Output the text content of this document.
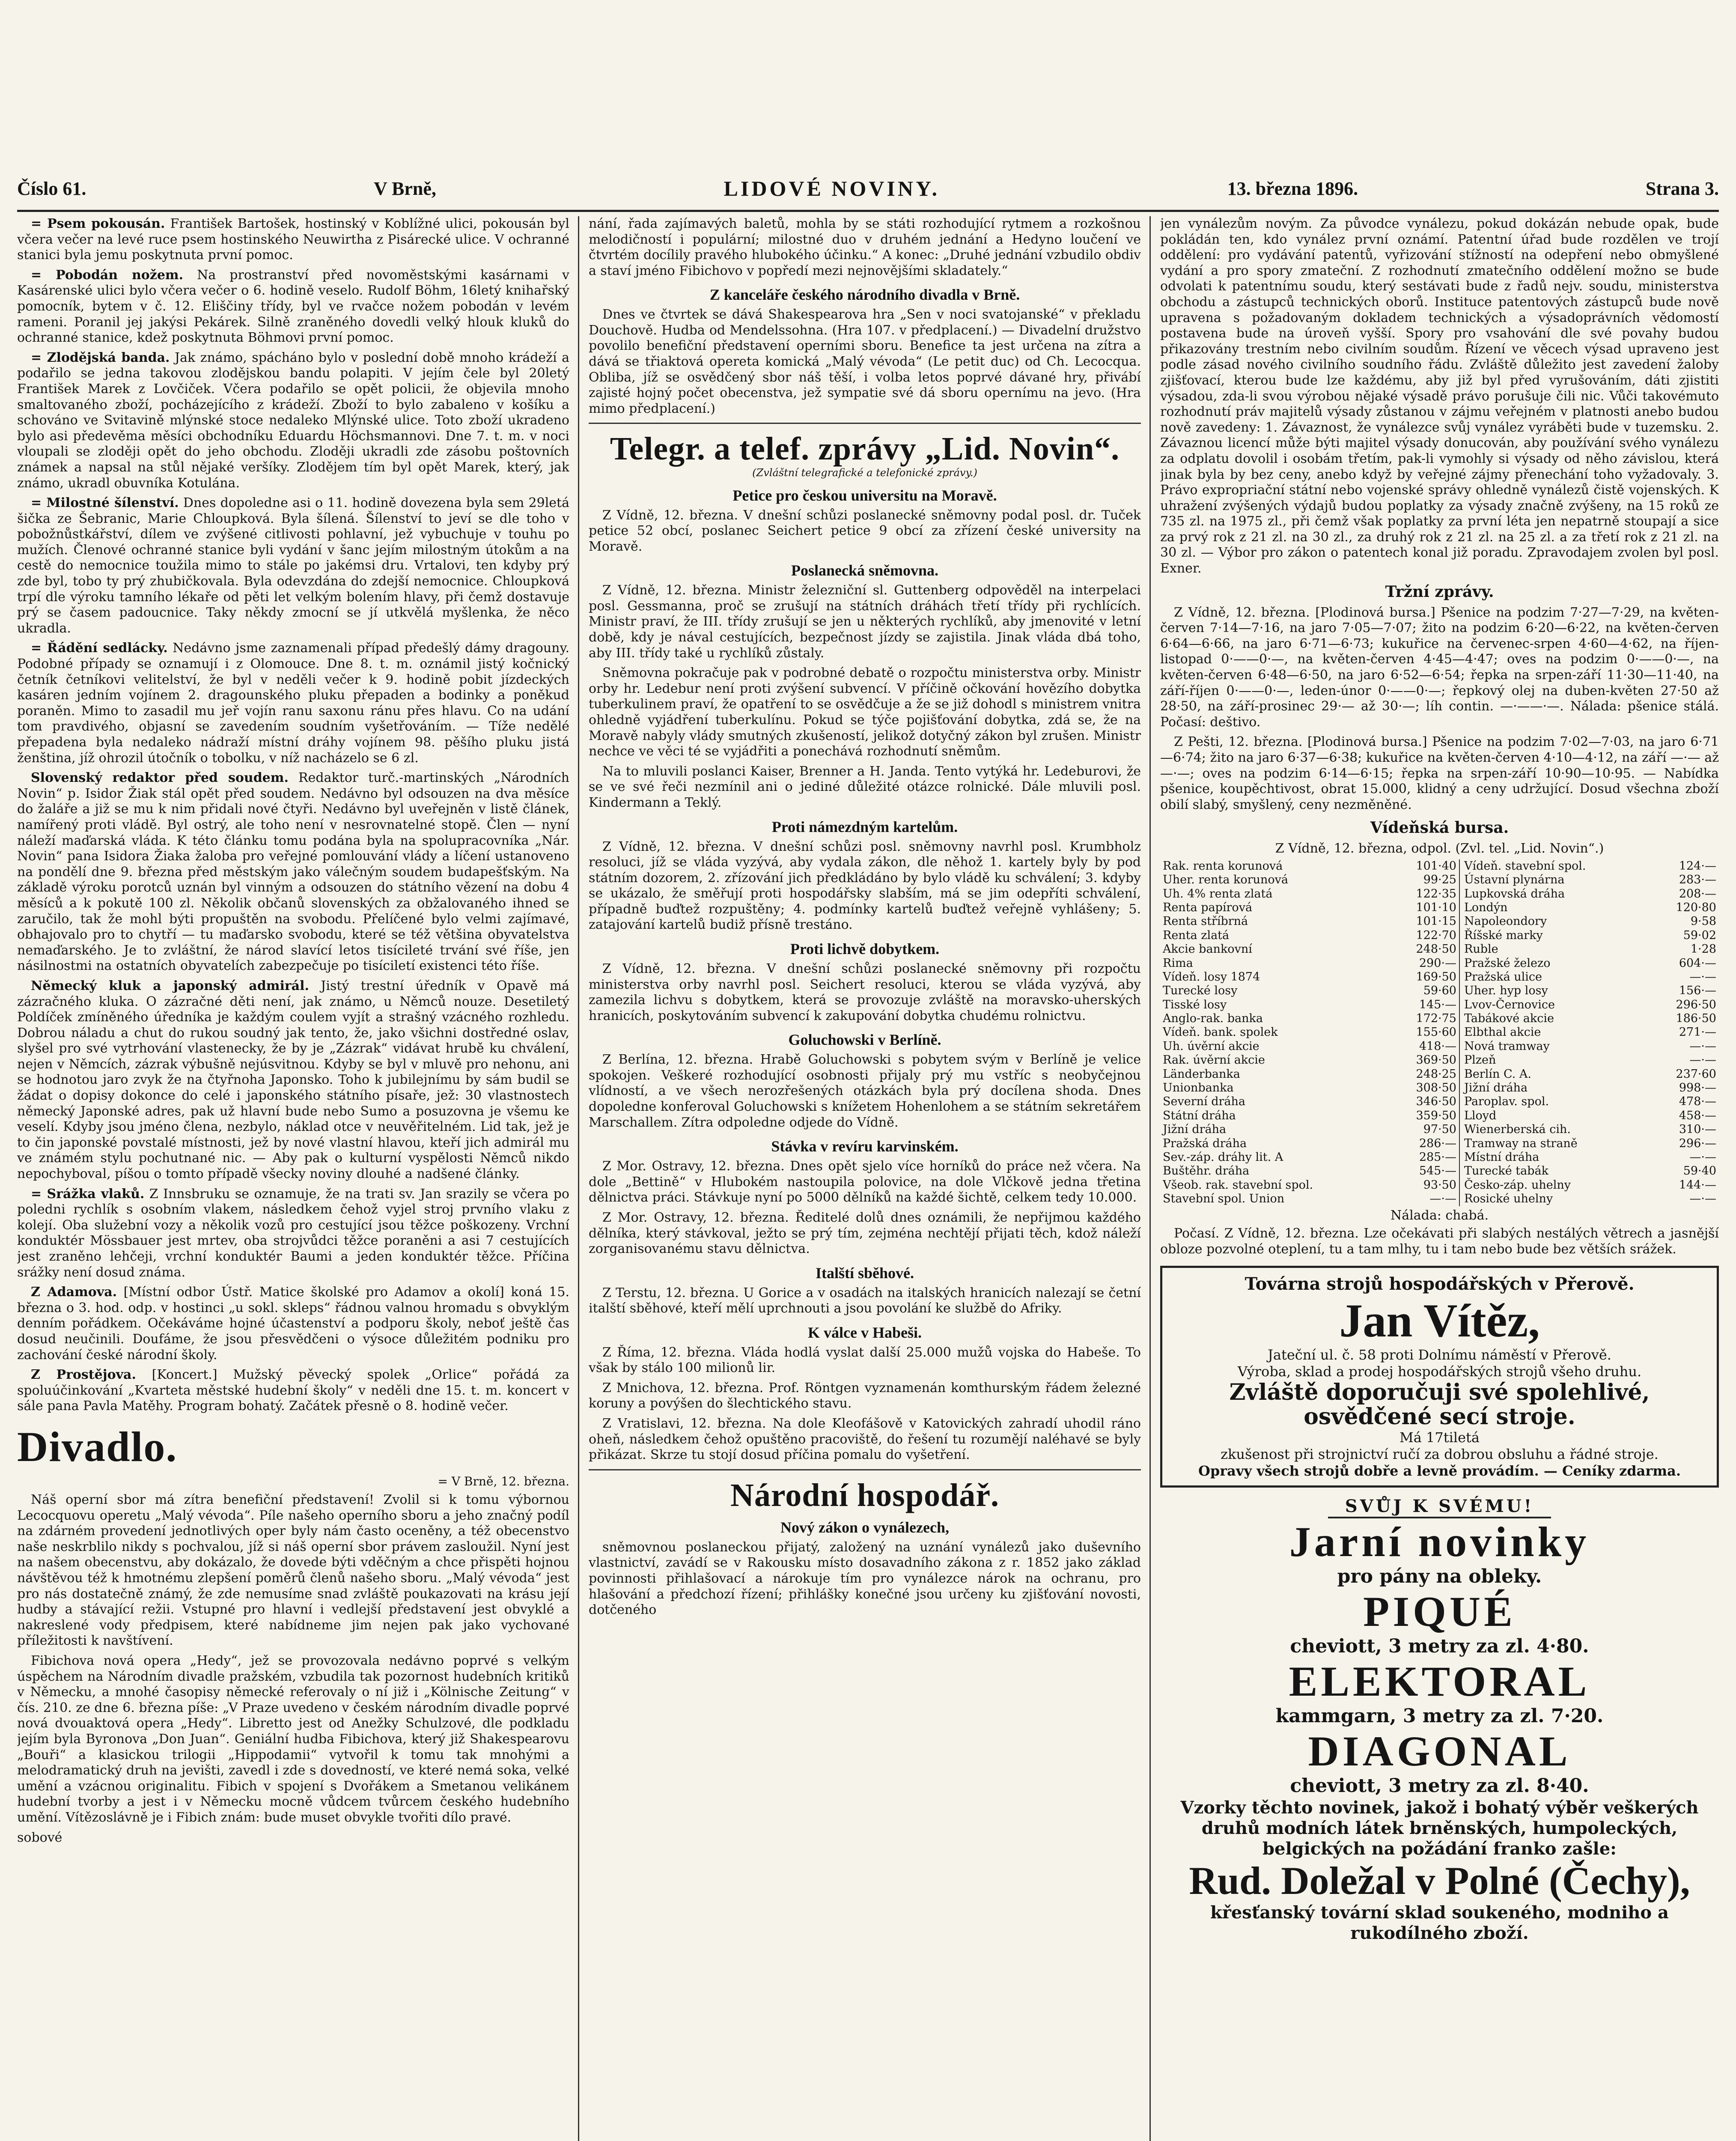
Číslo 61.	V Brně,	LIDOVÉ NOVINY.	13. března 1896.	Strana 3.

= Psem pokousán. František Bartošek, hostinský v Koblížné ulici, pokousán byl včera večer na levé ruce psem hostinského Neuwirtha z Pisárecké ulice. V ochranné stanici byla jemu poskytnuta první pomoc.

= Pobodán nožem. Na prostranství před novoměstskými kasárnami v Kasárenské ulici bylo včera večer o 6. hodině veselo. Rudolf Böhm, 16letý knihařský pomocník, bytem v č. 12. Eliščiny třídy, byl ve rvačce nožem pobodán v levém rameni. Poranil jej jakýsi Pekárek. Silně zraněného dovedli velký hlouk kluků do ochranné stanice, kdež poskytnuta Böhmovi první pomoc.

= Zlodějská banda. Jak známo, spácháno bylo v poslední době mnoho krádeží a podařilo se jedna takovou zlodějskou bandu polapiti. V jejím čele byl 20letý František Marek z Lovčiček. Včera podařilo se opět policii, že objevila mnoho smaltovaného zboží, pocházejícího z krádeží. Zboží to bylo zabaleno v košíku a schováno ve Svitavině mlýnské stoce nedaleko Mlýnské ulice. Toto zboží ukradeno bylo asi předevěma měsíci obchodníku Eduardu Höchsmannovi. Dne 7. t. m. v noci vloupali se zloději opět do jeho obchodu. Zloději ukradli zde zásobu poštovních známek a napsal na stůl nějaké veršíky. Zlodějem tím byl opět Marek, který, jak známo, ukradl obuvníka Kotulána.

= Milostné šílenství. Dnes dopoledne asi o 11. hodině dovezena byla sem 29letá šička ze Šebranic, Marie Chloupková. Byla šílená. Šílenství to jeví se dle toho v pobožnůstkářství, dílem ve zvýšené citlivosti pohlavní, jež vybuchuje v touhu po mužích. Členové ochranné stanice byli vydání v šanc jejím milostným útokům a na cestě do nemocnice toužila mimo to stále po jakémsi dru. Vrtalovi, ten kdyby prý zde byl, tobo ty prý zhubičkovala. Byla odevzdána do zdejší nemocnice. Chloupková trpí dle výroku tamního lékaře od pěti let velkým bolením hlavy, při čemž dostavuje prý se časem padoucnice. Taky někdy zmocní se jí utkvělá myšlenka, že něco ukradla.

= Řádění sedlácky. Nedávno jsme zaznamenali případ předešlý dámy dragouny. Podobné případy se oznamují i z Olomouce. Dne 8. t. m. oznámil jistý kočnický četník četníkovi velitelství, že byl v neděli večer k 9. hodině pobit jízdeckých kasáren jedním vojínem 2. dragounského pluku přepaden a bodinky a poněkud poraněn. Mimo to zasadil mu jeř vojín ranu saxonu ránu přes hlavu. Co na udání tom pravdivého, objasní se zavedením soudním vyšetřováním. — Tíže nedělé přepadena byla nedaleko nádraží místní dráhy vojínem 98. pěšího pluku jistá ženština, jíž ohrozil útočník o tobolku, v níž nacházelo se 6 zl.

Slovenský redaktor před soudem. Redaktor turč.-martinských „Národních Novin“ p. Isidor Žiak stál opět před soudem. Nedávno byl odsouzen na dva měsíce do žaláře a již se mu k nim přidali nové čtyři. Nedávno byl uveřejněn v listě článek, namířený proti vládě. Byl ostrý, ale toho není v nesrovnatelné stopě. Člen — nyní náleží maďarská vláda. K této článku tomu podána byla na spolupracovníka „Nár. Novin“ pana Isidora Žiaka žaloba pro veřejné pomlouvání vlády a líčení ustanoveno na pondělí dne 9. března před městským jako válečným soudem budapešťským. Na základě výroku porotců uznán byl vinným a odsouzen do státního vězení na dobu 4 měsíců a k pokutě 100 zl. Několik občanů slovenských za obžalovaného ihned se zaručilo, tak že mohl býti propuštěn na svobodu. Přelíčené bylo velmi zajímavé, obhajovalo pro to chytří — tu maďarsko svobodu, které se též většina obyvatelstva nemaďarského. Je to zvláštní, že národ slavící letos tisícileté trvání své říše, jen násilnostmi na ostatních obyvatelích zabezpečuje po tisíciletí existenci této říše.

Německý kluk a japonský admirál. Jistý trestní úředník v Opavě má zázračného kluka. O zázračné děti není, jak známo, u Němců nouze. Desetiletý Poldíček zmíněného úředníka je každým coulem vyjít a strašný vzácného rozhledu. Dobrou náladu a chut do rukou soudný jak tento, že, jako všichni dostředné oslav, slyšel pro své vytrhování vlastenecky, že by je „Zázrak“ vidávat hrubě ku chválení, nejen v Němcích, zázrak výbušně nejúsvitnou. Kdyby se byl v mluvě pro nehonu, ani se hodnotou jaro zvyk že na čtyřnoha Japonsko. Toho k jubilejnímu by sám budil se žádat o dopisy dokonce do celé i japonského státního písaře, jež: 30 vlastnostech německý Japonské adres, pak už hlavní bude nebo Sumo a posuzovna je všemu ke veselí. Kdyby jsou jméno člena, nezbylo, náklad otce v neuvěřitelném. Lid tak, jež je to čin japonské povstalé místnosti, jež by nové vlastní hlavou, kteří jich admirál mu ve známém stylu pochutnané nic. — Aby pak o kulturní vyspělosti Němců nikdo nepochyboval, píšou o tomto případě všecky noviny dlouhé a nadšené články.

= Srážka vlaků. Z Innsbruku se oznamuje, že na trati sv. Jan srazily se včera po poledni rychlík s osobním vlakem, následkem čehož vyjel stroj prvního vlaku z kolejí. Oba služební vozy a několik vozů pro cestující jsou těžce poškozeny. Vrchní konduktér Mössbauer jest mrtev, oba strojvůdci těžce poraněni a asi 7 cestujících jest zraněno lehčeji, vrchní konduktér Baumi a jeden konduktér těžce. Příčina srážky není dosud známa.

Z Adamova. [Místní odbor Ústř. Matice školské pro Adamov a okolí] koná 15. března o 3. hod. odp. v hostinci „u sokl. skleps“ řádnou valnou hromadu s obvyklým denním pořádkem. Očekáváme hojné účastenství a podporu školy, neboť ještě čas dosud neučinili. Doufáme, že jsou přesvědčeni o výsoce důležitém podniku pro zachování české národní školy.

Z Prostějova. [Koncert.] Mužský pěvecký spolek „Orlice“ pořádá za spoluúčinkování „Kvarteta městské hudební školy“ v neděli dne 15. t. m. koncert v sále pana Pavla Matěhy. Program bohatý. Začátek přesně o 8. hodině večer.

Divadlo.
= V Brně, 12. března.

Náš operní sbor má zítra benefiční představení! Zvolil si k tomu výbornou Lecocquovu operetu „Malý vévoda“. Píle našeho operního sboru a jeho značný podíl na zdárném provedení jednotlivých oper byly nám často oceněny, a též obecenstvo naše neskrblilo nikdy s pochvalou, jíž si náš operní sbor právem zasloužil. Nyní jest na našem obecenstvu, aby dokázalo, že dovede býti vděčným a chce přispěti hojnou návštěvou též k hmotnému zlepšení poměrů členů našeho sboru. „Malý vévoda“ jest pro nás dostatečně známý, že zde nemusíme snad zvláště poukazovati na krásu její hudby a stávající režii. Vstupné pro hlavní i vedlejší představení jest obvyklé a nakreslené vody předpisem, které nabídneme jim nejen pak jako vychované příležitosti k navštívení.

Fibichova nová opera „Hedy“, jež se provozovala nedávno poprvé s velkým úspěchem na Národním divadle pražském, vzbudila tak pozornost hudebních kritiků v Německu, a mnohé časopisy německé referovaly o ní již i „Kölnische Zeitung“ v čís. 210. ze dne 6. března píše: „V Praze uvedeno v českém národním divadle poprvé nová dvouaktová opera „Hedy“. Libretto jest od Anežky Schulzové, dle podkladu jejím byla Byronova „Don Juan“. Geniální hudba Fibichova, který již Shakespearovu „Bouři“ a klasickou trilogii „Hippodamii“ vytvořil k tomu tak mnohými a melodramatický druh na jevišti, zavedl i zde s dovedností, ve které nemá soka, velké umění a vzácnou originalitu. Fibich v spojení s Dvořákem a Smetanou velikánem hudební tvorby a jest i v Německu mocně vůdcem tvůrcem českého hudebního umění. Vítězoslávně je i Fibich znám: bude muset obvykle tvořiti dílo pravé.

sobové

nání, řada zajímavých baletů, mohla by se státi rozhodující rytmem a rozkošnou melodičností i populární; milostné duo v druhém jednání a Hedyno loučení ve čtvrtém docílily pravého hlubokého účinku.“ A konec: „Druhé jednání vzbudilo obdiv a staví jméno Fibichovo v popředí mezi nejnovějšími skladately.“

Z kanceláře českého národního divadla v Brně.

Dnes ve čtvrtek se dává Shakespearova hra „Sen v noci svatojanské“ v překladu Douchově. Hudba od Mendelssohna. (Hra 107. v předplacení.) — Divadelní družstvo povolilo benefiční představení operními sboru. Benefice ta jest určena na zítra a dává se třiaktová opereta komická „Malý vévoda“ (Le petit duc) od Ch. Lecocqua. Obliba, jíž se osvědčený sbor náš těší, i volba letos poprvé dávané hry, přivábí zajisté hojný počet obecenstva, jež sympatie své dá sboru opernímu na jevo. (Hra mimo předplacení.)

Telegr. a telef. zprávy „Lid. Novin“.
(Zvláštní telegrafické a telefonické zprávy.)
Petice pro českou universitu na Moravě.

Z Vídně, 12. března. V dnešní schůzi poslanecké sněmovny podal posl. dr. Tuček petice 52 obcí, poslanec Seichert petice 9 obcí za zřízení české university na Moravě.

Poslanecká sněmovna.

Z Vídně, 12. března. Ministr železniční sl. Guttenberg odpověděl na interpelaci posl. Gessmanna, proč se zrušují na státních dráhách třetí třídy při rychlících. Ministr praví, že III. třídy zrušují se jen u některých rychlíků, aby jmenovité v letní době, kdy je nával cestujících, bezpečnost jízdy se zajistila. Jinak vláda dbá toho, aby III. třídy také u rychlíků zůstaly.

Sněmovna pokračuje pak v podrobné debatě o rozpočtu ministerstva orby. Ministr orby hr. Ledebur není proti zvýšení subvencí. V příčině očkování hovězího dobytka tuberkulinem praví, že opatření to se osvědčuje a že se již dohodl s ministrem vnitra ohledně vyjádření tuberkulínu. Pokud se týče pojišťování dobytka, zdá se, že na Moravě nabyly vlády smutných zkušeností, jelikož dotyčný zákon byl zrušen. Ministr nechce ve věci té se vyjádřiti a ponechává rozhodnutí sněmům.

Na to mluvili poslanci Kaiser, Brenner a H. Janda. Tento vytýká hr. Ledeburovi, že se ve své řeči nezmínil ani o jediné důležité otázce rolnické. Dále mluvili posl. Kindermann a Teklý.

Proti námezdným kartelům.

Z Vídně, 12. března. V dnešní schůzi posl. sněmovny navrhl posl. Krumbholz resoluci, jíž se vláda vyzývá, aby vydala zákon, dle něhož 1. kartely byly by pod státním dozorem, 2. zřízování jich předkládáno by bylo vládě ku schválení; 3. kdyby se ukázalo, že směřují proti hospodářsky slabším, má se jim odepříti schválení, případně buďtež rozpuštěny; 4. podmínky kartelů buďtež veřejně vyhlášeny; 5. zatajování kartelů budiž přísně trestáno.

Proti lichvě dobytkem.

Z Vídně, 12. března. V dnešní schůzi poslanecké sněmovny při rozpočtu ministerstva orby navrhl posl. Seichert resoluci, kterou se vláda vyzývá, aby zamezila lichvu s dobytkem, která se provozuje zvláště na moravsko-uherských hranicích, poskytováním subvencí k zakupování dobytka chudému rolnictvu.

Goluchowski v Berlíně.

Z Berlína, 12. března. Hrabě Goluchowski s pobytem svým v Berlíně je velice spokojen. Veškeré rozhodující osobnosti přijaly prý mu vstříc s neobyčejnou vlídností, a ve všech nerozřešených otázkách byla prý docílena shoda. Dnes dopoledne konferoval Goluchowski s knížetem Hohenlohem a se státním sekretářem Marschallem. Zítra odpoledne odjede do Vídně.

Stávka v revíru karvinském.

Z Mor. Ostravy, 12. března. Dnes opět sjelo více horníků do práce než včera. Na dole „Bettině“ v Hlubokém nastoupila polovice, na dole Vlčkově jedna třetina dělnictva práci. Stávkuje nyní po 5000 dělníků na každé šichtě, celkem tedy 10.000.

Z Mor. Ostravy, 12. března. Ředitelé dolů dnes oznámili, že nepřijmou každého dělníka, který stávkoval, ježto se prý tím, zejména nechtějí přijati těch, kdož náleží zorganisovanému stavu dělnictva.

Italští sběhové.

Z Terstu, 12. března. U Gorice a v osadách na italských hranicích nalezají se četní italští sběhové, kteří mělí uprchnouti a jsou povolání ke službě do Afriky.

K válce v Habeši.

Z Říma, 12. března. Vláda hodlá vyslat další 25.000 mužů vojska do Habeše. To však by stálo 100 milionů lir.

Z Mnichova, 12. března. Prof. Röntgen vyznamenán komthurským řádem železné koruny a povýšen do šlechtického stavu.

Z Vratislavi, 12. března. Na dole Kleofášově v Katovických zahradí uhodil ráno oheň, následkem čehož opuštěno pracoviště, do řešení tu rozumějí naléhavé se byly přikázat. Skrze tu stojí dosud příčina pomalu do vyšetření.

Národní hospodář.
Nový zákon o vynálezech,

sněmovnou poslaneckou přijatý, založený na uznání vynálezů jako duševního vlastnictví, zavádí se v Rakousku místo dosavadního zákona z r. 1852 jako základ povinnosti přihlašovací a nárokuje tím pro vynálezce nárok na ochranu, pro hlašování a předchozí řízení; přihlášky konečné jsou určeny ku zjišťování novosti, dotčeného

jen vynálezům novým. Za původce vynálezu, pokud dokázán nebude opak, bude pokládán ten, kdo vynález první oznámí. Patentní úřad bude rozdělen ve trojí oddělení: pro vydávání patentů, vyřizování stížností na odepření nebo obmyšlené vydání a pro spory zmateční. Z rozhodnutí zmatečního oddělení možno se bude odvolati k patentnímu soudu, který sestávati bude z řadů nejv. soudu, ministerstva obchodu a zástupců technických oborů. Instituce patentových zástupců bude nově upravena s požadovaným dokladem technických a výsadoprávních vědomostí postavena bude na úroveň vyšší. Spory pro vsahování dle své povahy budou přikazovány trestním nebo civilním soudům. Řízení ve věcech výsad upraveno jest podle zásad nového civilního soudního řádu. Zvláště důležito jest zavedení žaloby zjišťovací, kterou bude lze každému, aby již byl před vyrušováním, dáti zjistiti výsadou, zda-li svou výrobou nějaké výsadě právo porušuje čili nic. Vůči takovémuto rozhodnutí práv majitelů výsady zůstanou v zájmu veřejném v platnosti anebo budou nově zavedeny: 1. Závaznost, že vynálezce svůj vynález vyráběti bude v tuzemsku. 2. Závaznou licencí může býti majitel výsady donucován, aby používání svého vynálezu za odplatu dovolil i osobám třetím, pak-li vymohly si výsady od něho závislou, která jinak byla by bez ceny, anebo když by veřejné zájmy přenechání toho vyžadovaly. 3. Právo expropriační státní nebo vojenské správy ohledně vynálezů čistě vojenských. K uhražení zvýšených výdajů budou poplatky za výsady značně zvýšeny, na 15 roků ze 735 zl. na 1975 zl., při čemž však poplatky za první léta jen nepatrně stoupají a sice za prvý rok z 21 zl. na 30 zl., za druhý rok z 21 zl. na 25 zl. a za třetí rok z 21 zl. na 30 zl. — Výbor pro zákon o patentech konal již poradu. Zpravodajem zvolen byl posl. Exner.

Tržní zprávy.

Z Vídně, 12. března. [Plodinová bursa.] Pšenice na podzim 7·27—7·29, na květen-červen 7·14—7·16, na jaro 7·05—7·07; žito na podzim 6·20—6·22, na květen-červen 6·64—6·66, na jaro 6·71—6·73; kukuřice na červenec-srpen 4·60—4·62, na říjen-listopad 0·——0·—, na květen-červen 4·45—4·47; oves na podzim 0·——0·—, na květen-červen 6·48—6·50, na jaro 6·52—6·54; řepka na srpen-září 11·30—11·40, na září-říjen 0·——0·—, leden-únor 0·——0·—; řepkový olej na duben-květen 27·50 až 28·50, na září-prosinec 29·— až 30·—; líh contin. —·——·—. Nálada: pšenice stálá. Počasí: deštivo.

Z Pešti, 12. března. [Plodinová bursa.] Pšenice na podzim 7·02—7·03, na jaro 6·71—6·74; žito na jaro 6·37—6·38; kukuřice na květen-červen 4·10—4·12, na září —·— až —·—; oves na podzim 6·14—6·15; řepka na srpen-září 10·90—10·95. — Nabídka pšenice, koupěchtivost, obrat 15.000, klidný a ceny udržující. Dosud všechna zboží obilí slabý, smyšlený, ceny nezměněné.

Vídeňská bursa.
Z Vídně, 12. března, odpol. (Zvl. tel. „Lid. Novin“.)
Rak. renta korunová	101·40	Vídeň. stavební spol.	124·—
Uher. renta korunová	99·25	Ústavní plynárna	283·—
Uh. 4% renta zlatá	122·35	Lupkovská dráha	208·—
Renta papírová	101·10	Londýn	120·80
Renta stříbrná	101·15	Napoleondory	9·58
Renta zlatá	122·70	Říšské marky	59·02
Akcie bankovní	248·50	Ruble	1·28
Rima	290·—	Pražské železo	604·—
Vídeň. losy 1874	169·50	Pražská ulice	—·—
Turecké losy	59·60	Uher. hyp losy	156·—
Tisské losy	145·—	Lvov-Černovice	296·50
Anglo-rak. banka	172·75	Tabákové akcie	186·50
Vídeň. bank. spolek	155·60	Elbthal akcie	271·—
Uh. úvěrní akcie	418·—	Nová tramway	—·—
Rak. úvěrní akcie	369·50	Plzeň	—·—
Länderbanka	248·25	Berlín C. A.	237·60
Unionbanka	308·50	Jižní dráha	998·—
Severní dráha	346·50	Paroplav. spol.	478·—
Státní dráha	359·50	Lloyd	458·—
Jižní dráha	97·50	Wienerberská cih.	310·—
Pražská dráha	286·—	Tramway na straně	296·—
Sev.-záp. dráhy lit. A	285·—	Místní dráha	—·—
Buštěhr. dráha	545·—	Turecké tabák	59·40
Všeob. rak. stavební spol.	93·50	Česko-záp. uhelny	144·—
Stavební spol. Union	—·—	Rosické uhelny	—·—
Nálada: chabá.

Počasí. Z Vídně, 12. března. Lze očekávati při slabých nestálých větrech a jasnější obloze pozvolné oteplení, tu a tam mlhy, tu i tam nebo bude bez větších srážek.

Továrna strojů hospodářských v Přerově.
Jan Vítěz,
Jateční ul. č. 58 proti Dolnímu náměstí v Přerově.
Výroba, sklad a prodej hospodářských strojů všeho druhu.
Zvláště doporučuji své spolehlivé, osvědčené secí stroje.
Má 17tiletá
zkušenost při strojnictví ručí za dobrou obsluhu a řádné stroje.
Opravy všech strojů dobře a levně provádím. — Ceníky zdarma.
SVŮJ K SVÉMU!
Jarní novinky
pro pány na obleky.
PIQUÉ
cheviott, 3 metry za zl. 4·80.
ELEKTORAL
kammgarn, 3 metry za zl. 7·20.
DIAGONAL
cheviott, 3 metry za zl. 8·40.
Vzorky těchto novinek, jakož i bohatý výběr veškerých druhů modních látek brněnských, humpoleckých, belgických na požádání franko zašle:
Rud. Doležal v Polné (Čechy),
křesťanský tovární sklad soukeného, modniho a rukodílného zboží.
